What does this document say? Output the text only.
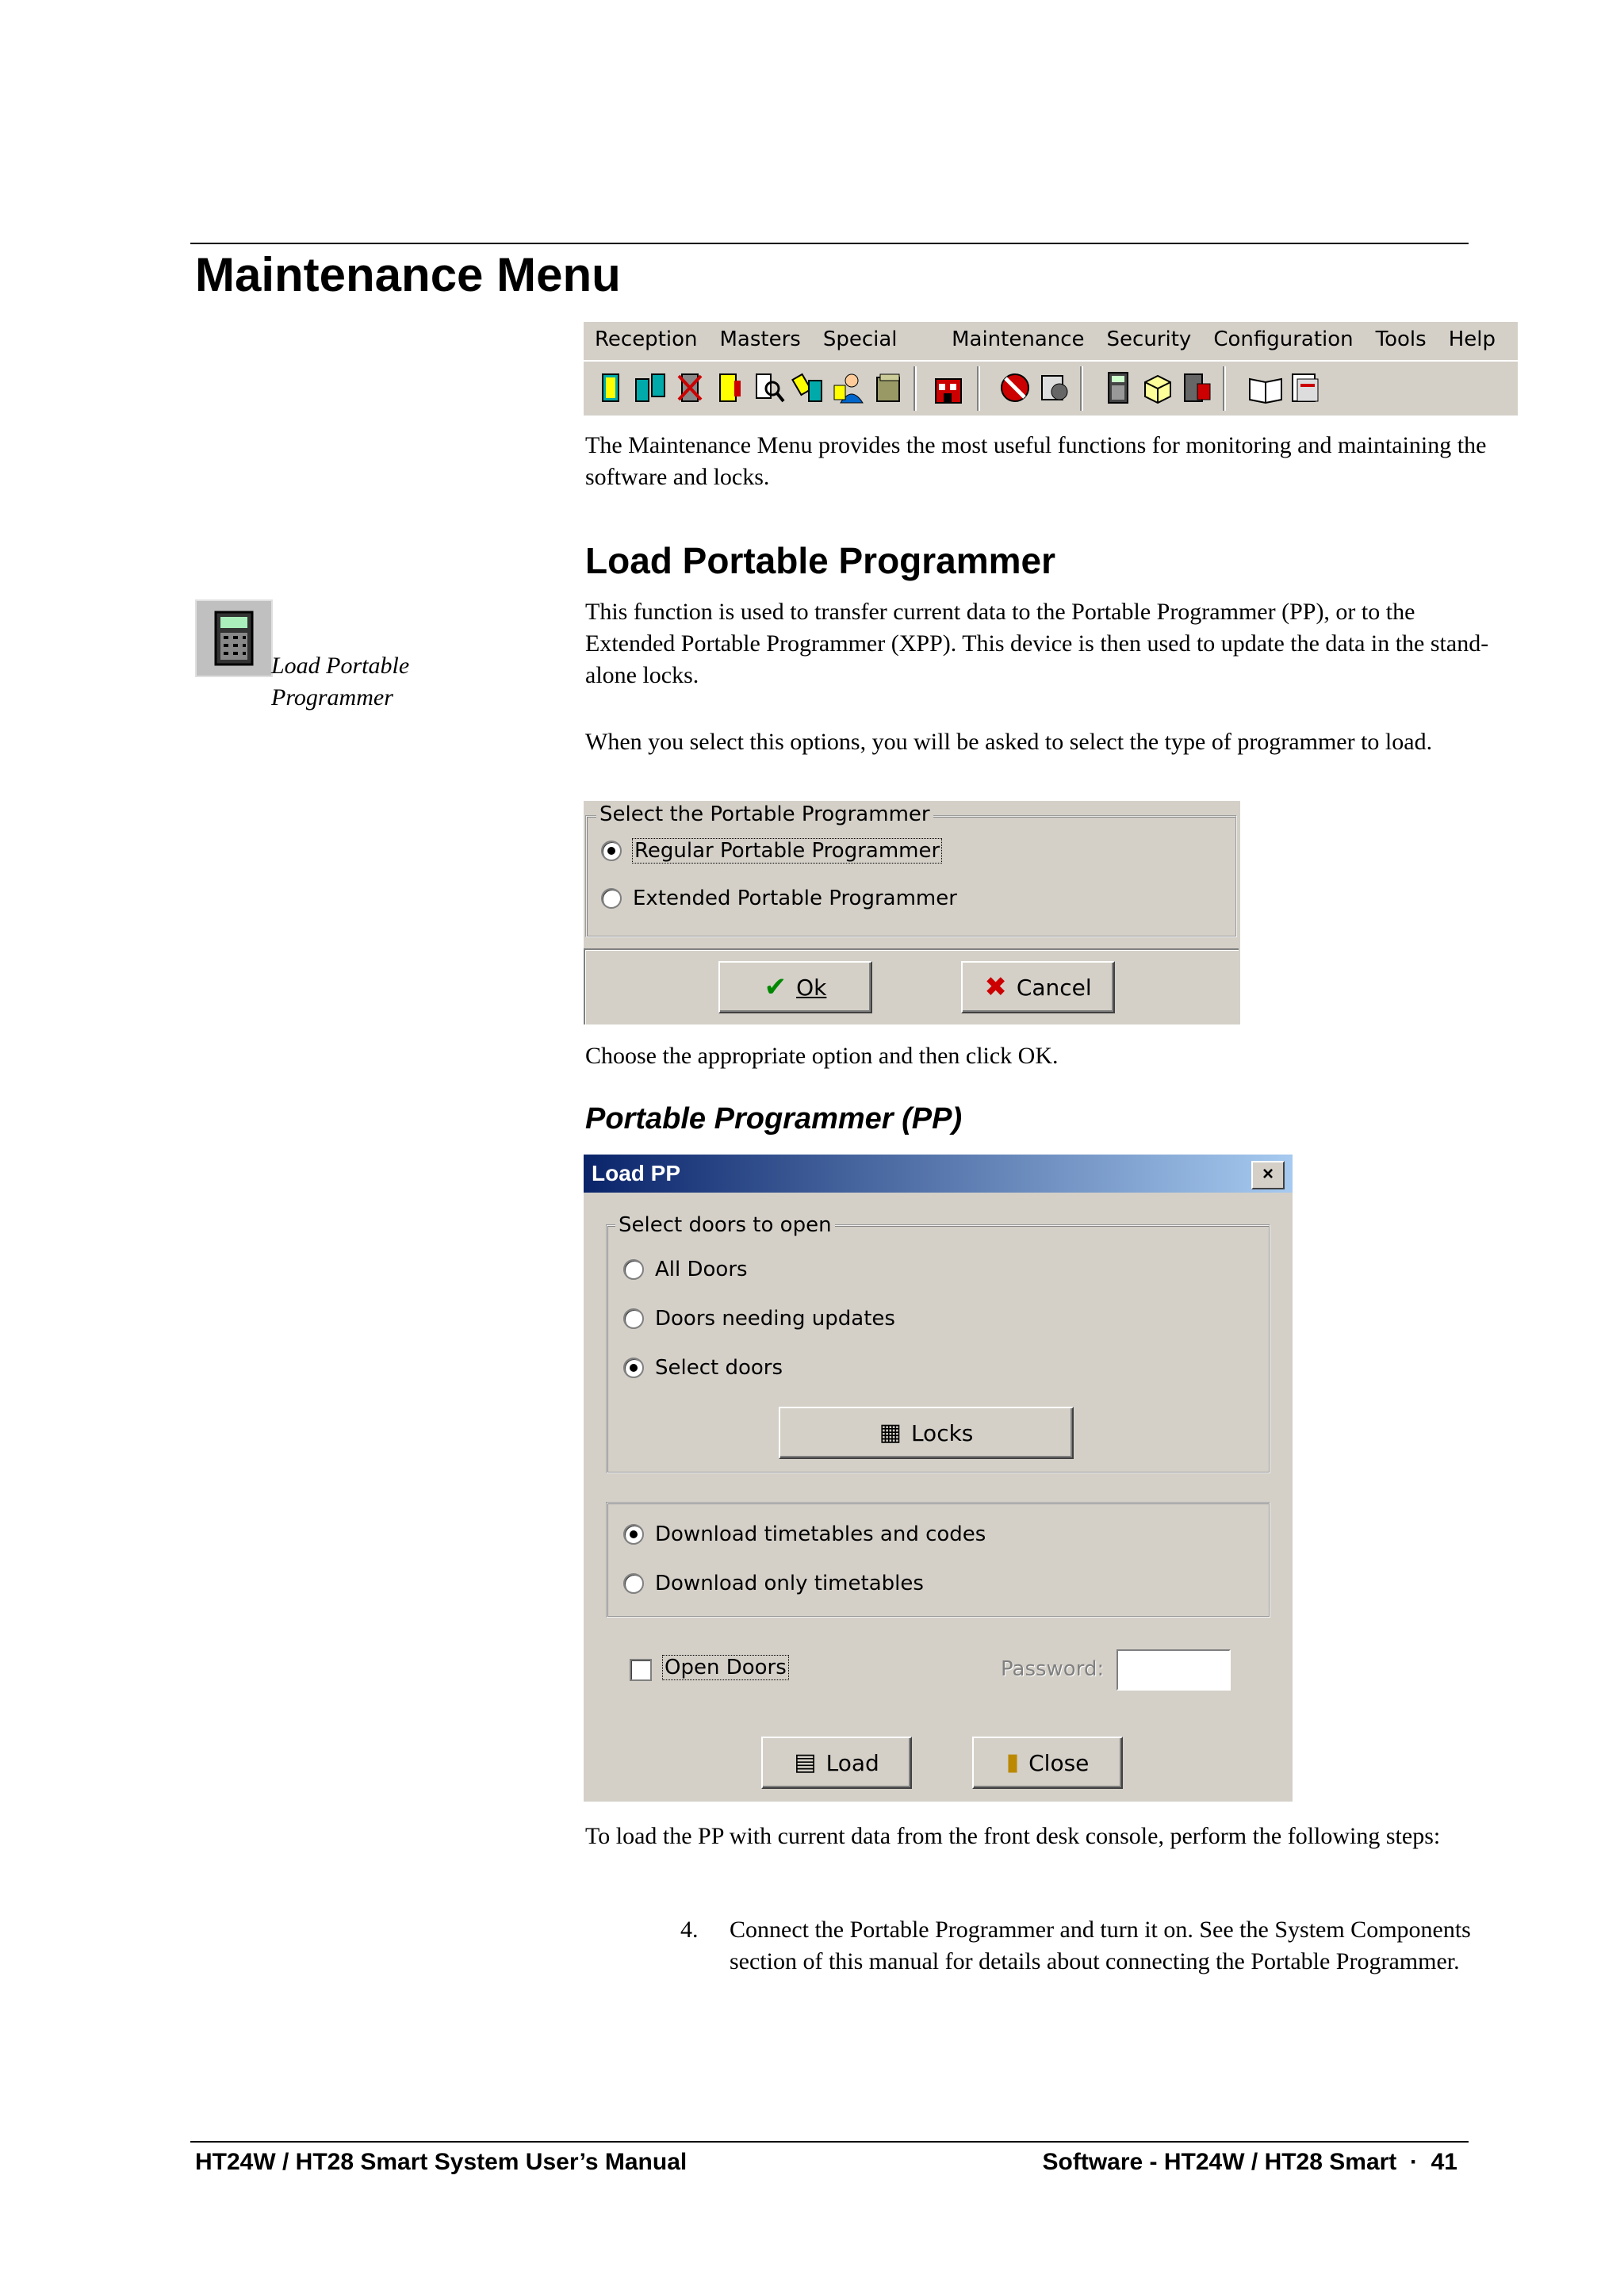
Maintenance Menu
Reception Masters Special	Maintenance Security Configuration Tools Help

The Maintenance Menu provides the most useful functions for monitoring and maintaining the software and locks.

Load Portable Programmer
Load Portable Programmer

This function is used to transfer current data to the Portable Programmer (PP), or to the Extended Portable Programmer (XPP). This device is then used to update the data in the stand-alone locks.

When you select this options, you will be asked to select the type of programmer to load.

Select the Portable Programmer
Regular Portable Programmer
Extended Portable Programmer
✔ Ok	✖ Cancel

Choose the appropriate option and then click OK.

Portable Programmer (PP)
Load PP	×
Select doors to open
All Doors
Doors needing updates
Select doors
▦ Locks
Download timetables and codes
Download only timetables
Open Doors	Password:
▤ Load	▮ Close

To load the PP with current data from the front desk console, perform the following steps:

4. Connect the Portable Programmer and turn it on. See the System Components section of this manual for details about connecting the Portable Programmer.

HT24W / HT28 Smart System User’s Manual	Software - HT24W / HT28 Smart  ·  41
